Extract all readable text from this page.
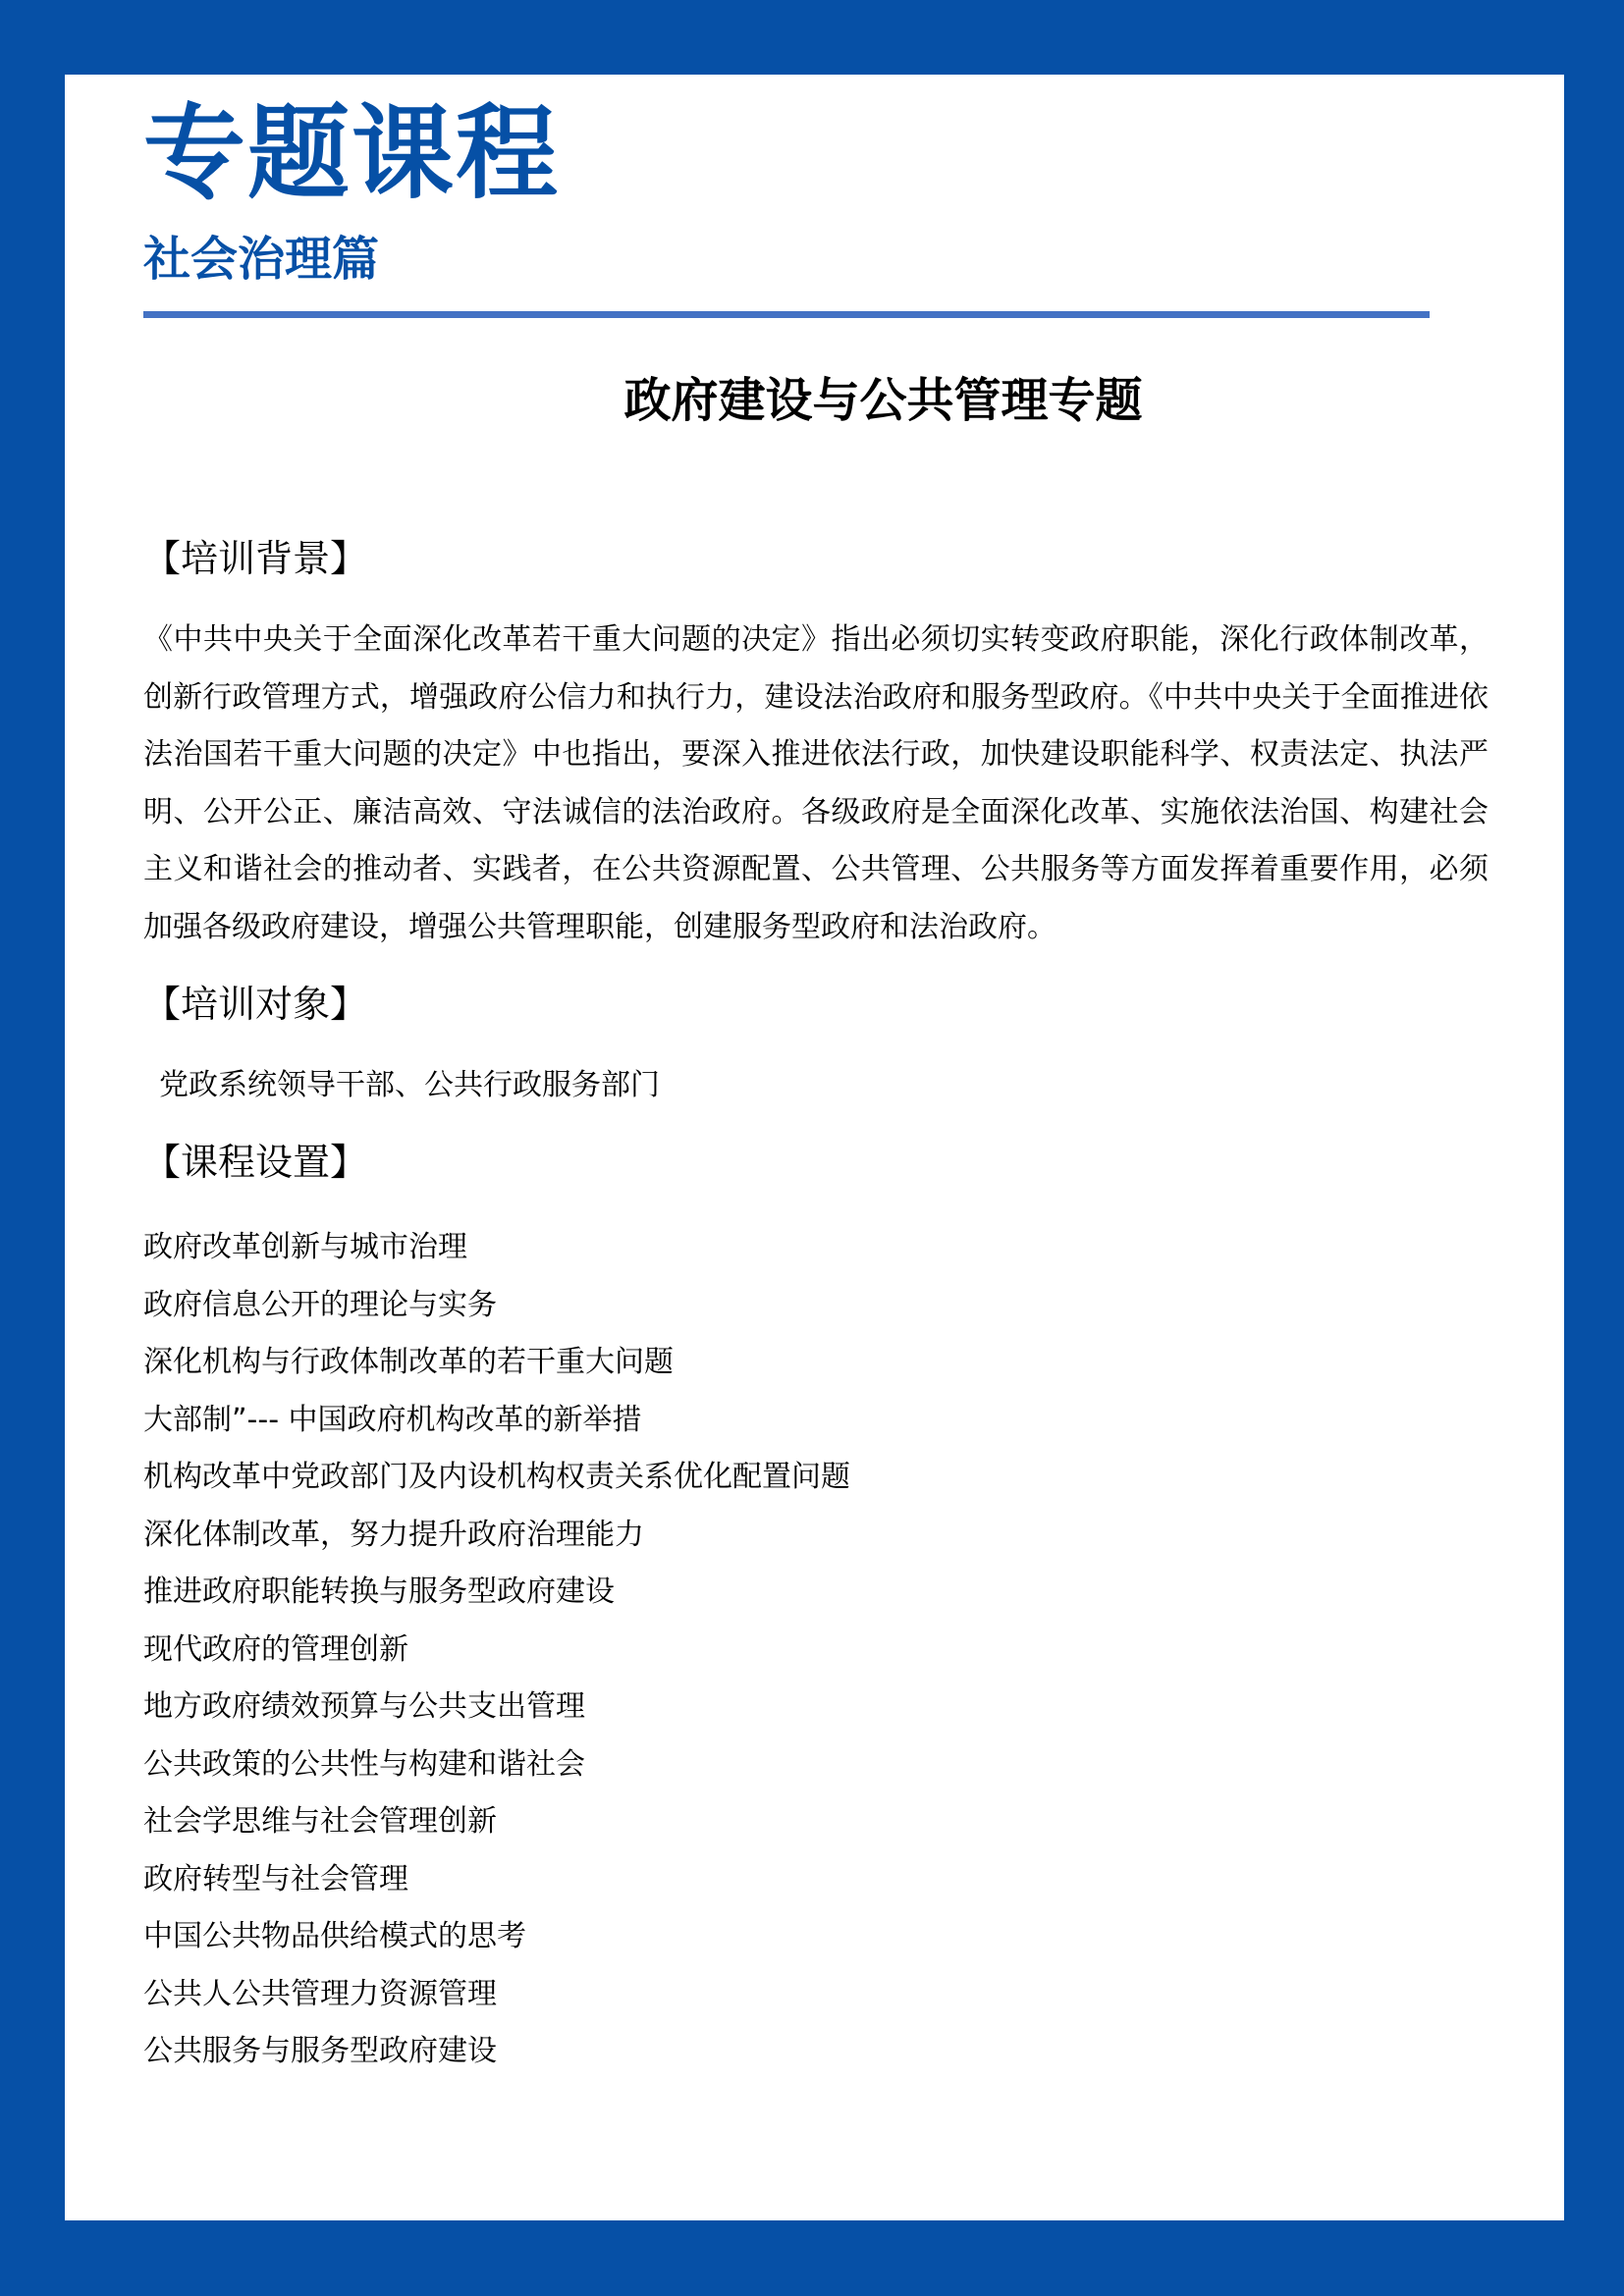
专题课程
社会治理篇
政府建设与公共管理专题
【培训背景】
《中共中央关于全面深化改革若干重大问题的决定》指出必须切实转变政府职能，深化行政体制改革，创新行政管理方式，增强政府公信力和执行力，建设法治政府和服务型政府。《中共中央关于全面推进依法治国若干重大问题的决定》中也指出，要深入推进依法行政，加快建设职能科学、权责法定、执法严明、公开公正、廉洁高效、守法诚信的法治政府。各级政府是全面深化改革、实施依法治国、构建社会主义和谐社会的推动者、实践者，在公共资源配置、公共管理、公共服务等方面发挥着重要作用，必须加强各级政府建设，增强公共管理职能，创建服务型政府和法治政府。
【培训对象】
党政系统领导干部、公共行政服务部门
【课程设置】
政府改革创新与城市治理
政府信息公开的理论与实务
深化机构与行政体制改革的若干重大问题
大部制”--- 中国政府机构改革的新举措
机构改革中党政部门及内设机构权责关系优化配置问题
深化体制改革，努力提升政府治理能力
推进政府职能转换与服务型政府建设
现代政府的管理创新
地方政府绩效预算与公共支出管理
公共政策的公共性与构建和谐社会
社会学思维与社会管理创新
政府转型与社会管理
中国公共物品供给模式的思考
公共人公共管理力资源管理
公共服务与服务型政府建设
